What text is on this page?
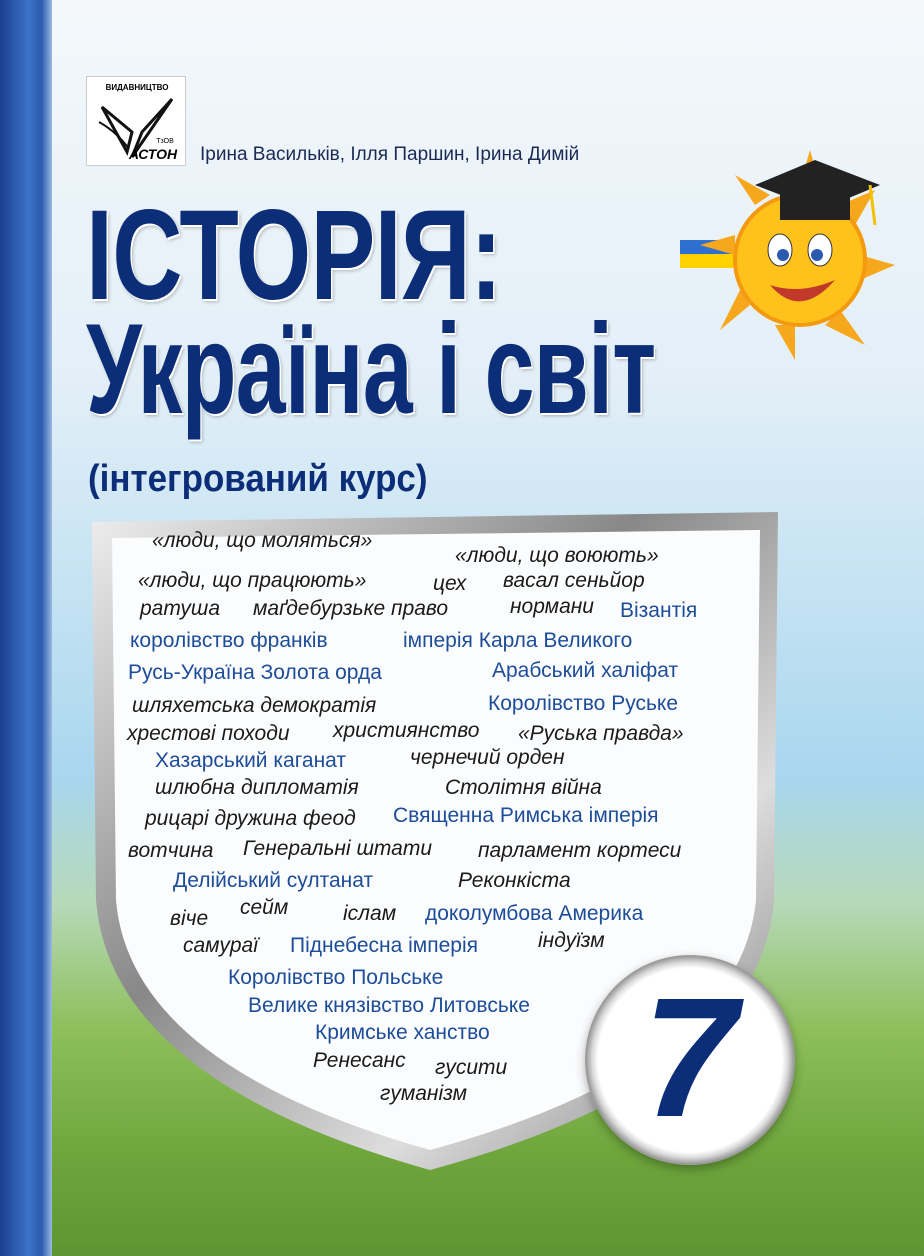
ВИДАВНИЦТВО
ТзОВ
АСТОН Ірина Васильків, Ілля Паршин, Ірина Димій
ІСТОРІЯ:
Україна і світ
(інтегрований курс)
«люди, що моляться»
«люди, що воюють»
«люди, що працюють»	цех васал сеньйор
ратуша маґдебурзьке право	нормани Візантія
королівство франків	імперія Карла Великого
Русь-Україна Золота орда	Арабський халіфат
шляхетська демократія	Королівство Руське
хрестові походи християнство «Руська правда»
Хазарський каганат	чернечий орден
шлюбна дипломатія	Столітня війна
рицарі дружина феод Священна Римська імперія
вотчина Генеральні штати парламент кортеси
Делійський султанат	Реконкіста
віче сейм	іслам доколумбова Америка
самураї Піднебесна імперія	індуїзм
Королівство Польське
Велике князівство Литовське
Кримське ханство
Ренесанс гусити
гуманізм	7
